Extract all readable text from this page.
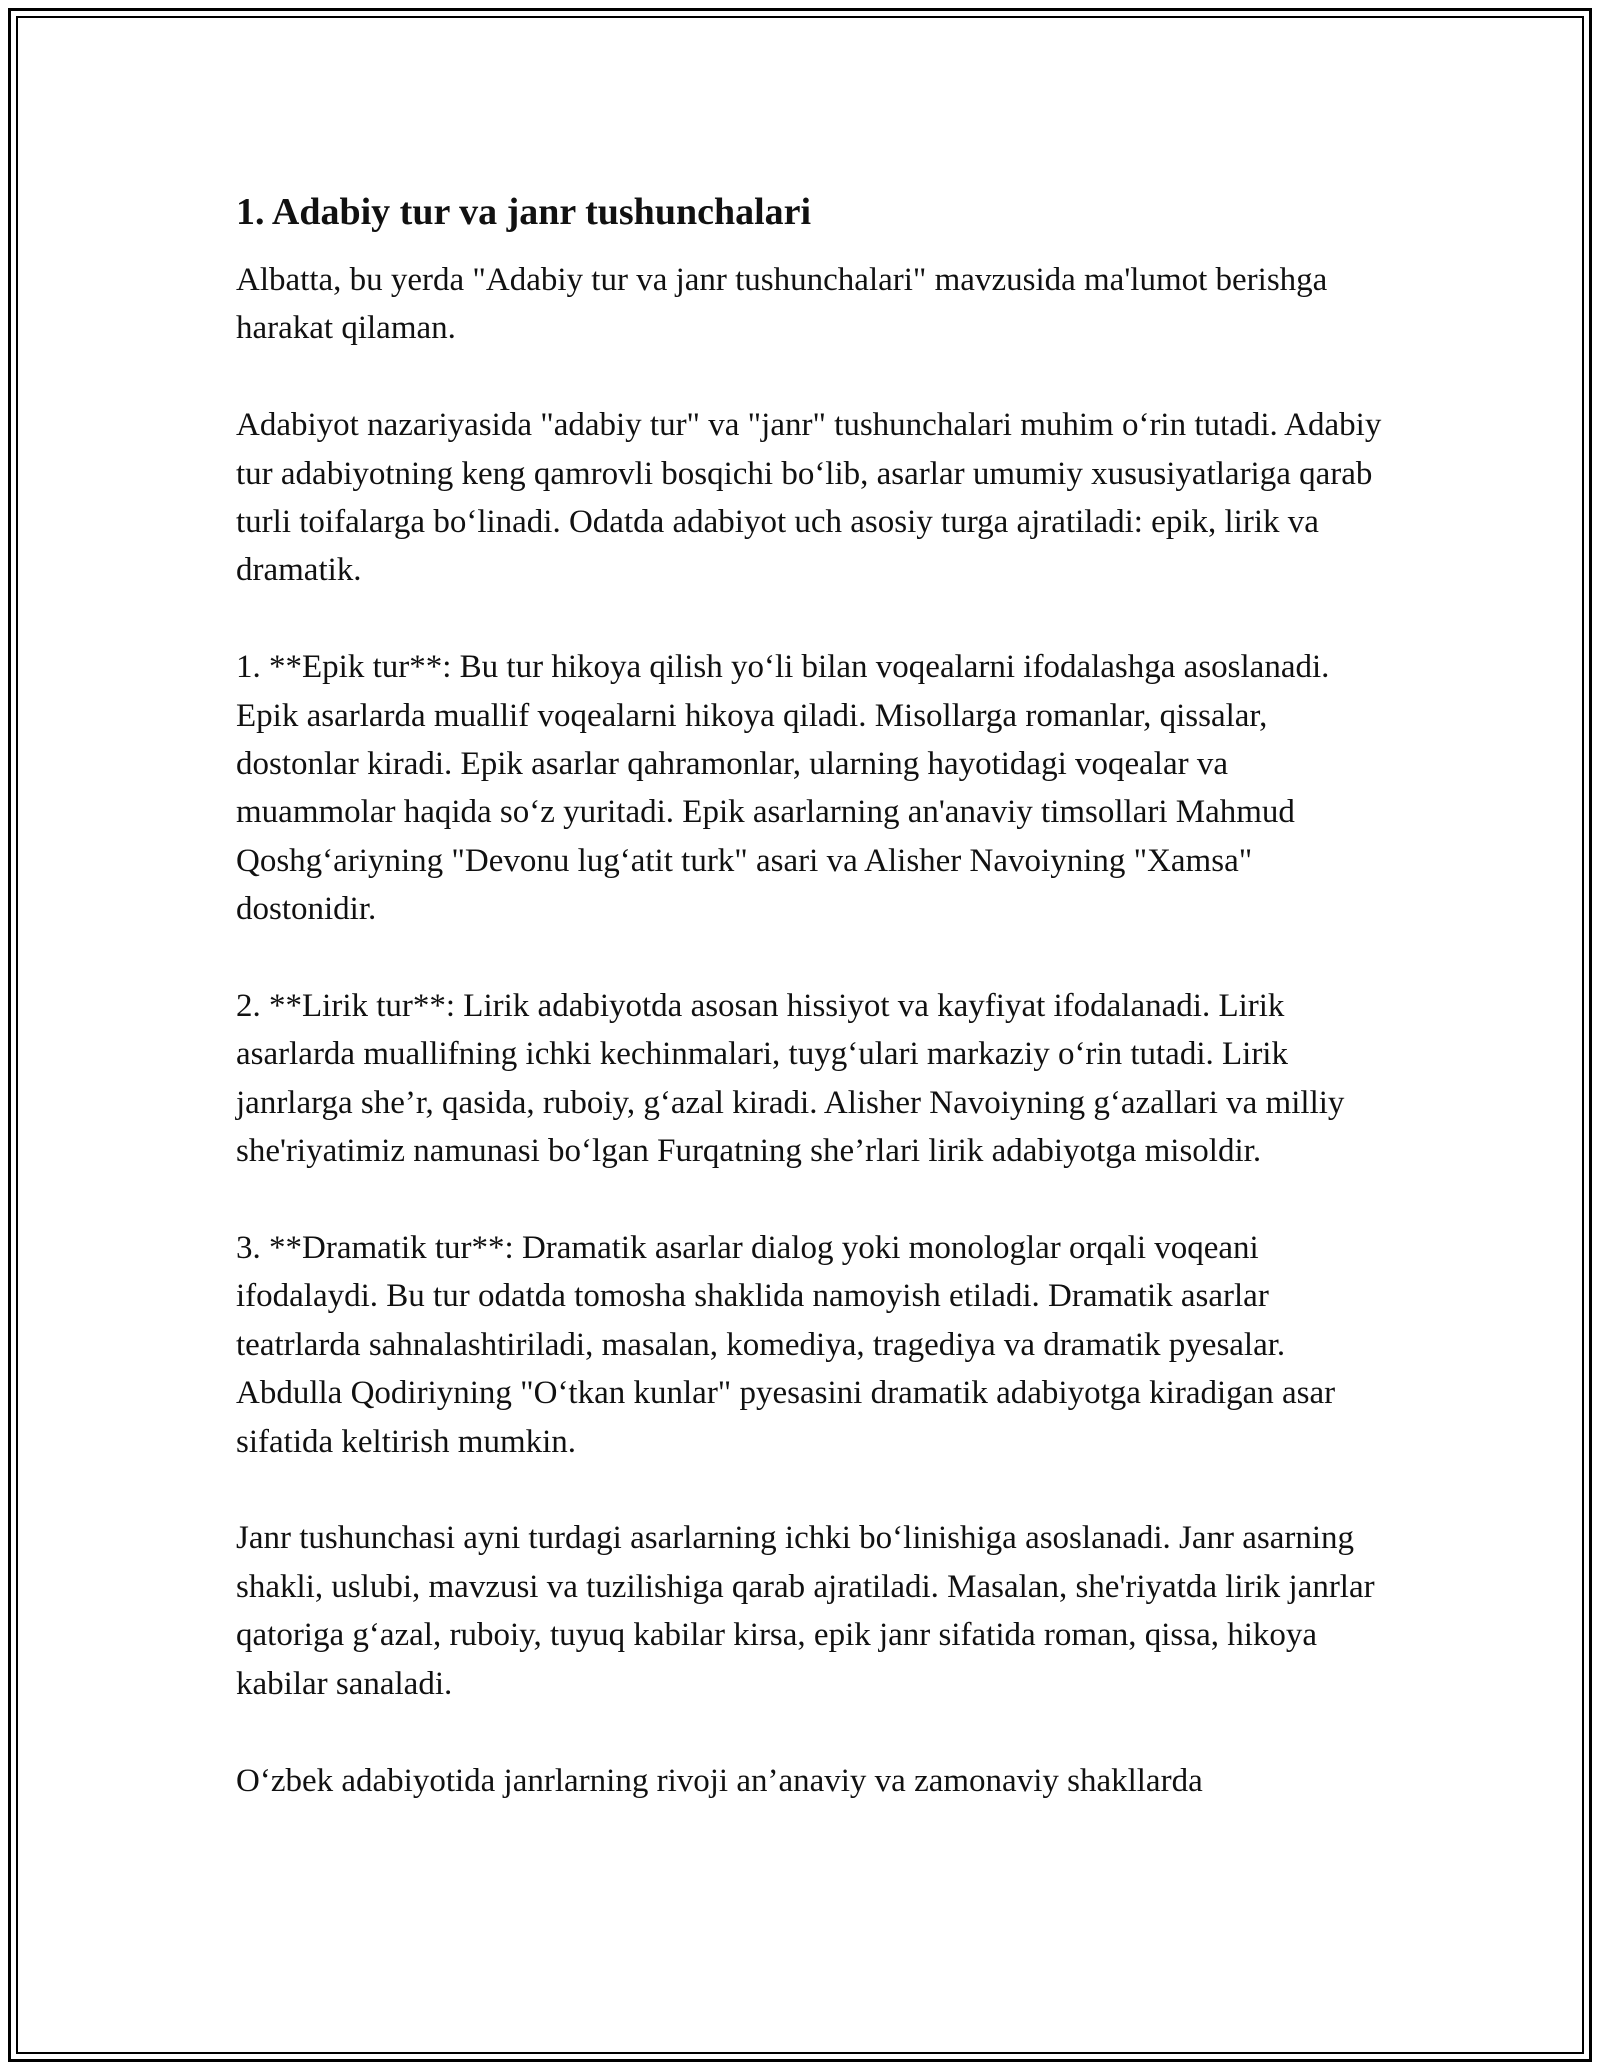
1. Adabiy tur va janr tushunchalari

Albatta, bu yerda "Adabiy tur va janr tushunchalari" mavzusida ma'lumot berishga harakat qilaman.

Adabiyot nazariyasida "adabiy tur" va "janr" tushunchalari muhim o‘rin tutadi. Adabiy tur adabiyotning keng qamrovli bosqichi bo‘lib, asarlar umumiy xususiyatlariga qarab turli toifalarga bo‘linadi. Odatda adabiyot uch asosiy turga ajratiladi: epik, lirik va dramatik.

1. **Epik tur**: Bu tur hikoya qilish yo‘li bilan voqealarni ifodalashga asoslanadi. Epik asarlarda muallif voqealarni hikoya qiladi. Misollarga romanlar, qissalar, dostonlar kiradi. Epik asarlar qahramonlar, ularning hayotidagi voqealar va muammolar haqida so‘z yuritadi. Epik asarlarning an'anaviy timsollari Mahmud Qoshg‘ariyning "Devonu lug‘atit turk" asari va Alisher Navoiyning "Xamsa" dostonidir.

2. **Lirik tur**: Lirik adabiyotda asosan hissiyot va kayfiyat ifodalanadi. Lirik asarlarda muallifning ichki kechinmalari, tuyg‘ulari markaziy o‘rin tutadi. Lirik janrlarga she’r, qasida, ruboiy, g‘azal kiradi. Alisher Navoiyning g‘azallari va milliy she'riyatimiz namunasi bo‘lgan Furqatning she’rlari lirik adabiyotga misoldir.

3. **Dramatik tur**: Dramatik asarlar dialog yoki monologlar orqali voqeani ifodalaydi. Bu tur odatda tomosha shaklida namoyish etiladi. Dramatik asarlar teatrlarda sahnalashtiriladi, masalan, komediya, tragediya va dramatik pyesalar. Abdulla Qodiriyning "O‘tkan kunlar" pyesasini dramatik adabiyotga kiradigan asar sifatida keltirish mumkin.

Janr tushunchasi ayni turdagi asarlarning ichki bo‘linishiga asoslanadi. Janr asarning shakli, uslubi, mavzusi va tuzilishiga qarab ajratiladi. Masalan, she'riyatda lirik janrlar qatoriga g‘azal, ruboiy, tuyuq kabilar kirsa, epik janr sifatida roman, qissa, hikoya kabilar sanaladi.

O‘zbek adabiyotida janrlarning rivoji an’anaviy va zamonaviy shakllarda
